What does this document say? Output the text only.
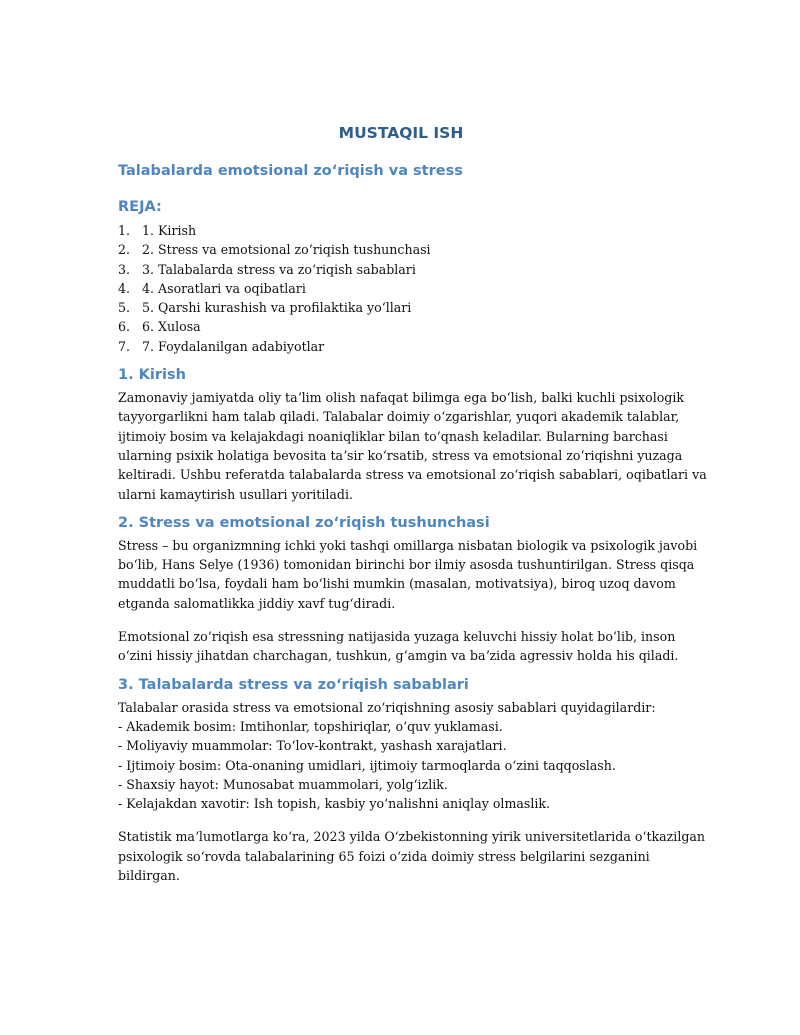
MUSTAQIL ISH
Talabalarda emotsional zoʻriqish va stress
REJA:
1. 1. Kirish
2. 2. Stress va emotsional zoʻriqish tushunchasi
3. 3. Talabalarda stress va zoʻriqish sabablari
4. 4. Asoratlari va oqibatlari
5. 5. Qarshi kurashish va profilaktika yoʻllari
6. 6. Xulosa
7. 7. Foydalanilgan adabiyotlar
1. Kirish
Zamonaviy jamiyatda oliy taʼlim olish nafaqat bilimga ega boʻlish, balki kuchli psixologik
tayyorgarlikni ham talab qiladi. Talabalar doimiy oʻzgarishlar, yuqori akademik talablar,
ijtimoiy bosim va kelajakdagi noaniqliklar bilan toʻqnash keladilar. Bularning barchasi
ularning psixik holatiga bevosita taʼsir koʻrsatib, stress va emotsional zoʻriqishni yuzaga
keltiradi. Ushbu referatda talabalarda stress va emotsional zoʻriqish sabablari, oqibatlari va
ularni kamaytirish usullari yoritiladi.
2. Stress va emotsional zoʻriqish tushunchasi
Stress – bu organizmning ichki yoki tashqi omillarga nisbatan biologik va psixologik javobi
boʻlib, Hans Selye (1936) tomonidan birinchi bor ilmiy asosda tushuntirilgan. Stress qisqa
muddatli boʻlsa, foydali ham boʻlishi mumkin (masalan, motivatsiya), biroq uzoq davom
etganda salomatlikka jiddiy xavf tugʻdiradi.
Emotsional zoʻriqish esa stressning natijasida yuzaga keluvchi hissiy holat boʻlib, inson
oʻzini hissiy jihatdan charchagan, tushkun, gʻamgin va baʼzida agressiv holda his qiladi.
3. Talabalarda stress va zoʻriqish sabablari
Talabalar orasida stress va emotsional zoʻriqishning asosiy sabablari quyidagilardir:
- Akademik bosim: Imtihonlar, topshiriqlar, oʻquv yuklamasi.
- Moliyaviy muammolar: Toʻlov-kontrakt, yashash xarajatlari.
- Ijtimoiy bosim: Ota-onaning umidlari, ijtimoiy tarmoqlarda oʻzini taqqoslash.
- Shaxsiy hayot: Munosabat muammolari, yolgʻizlik.
- Kelajakdan xavotir: Ish topish, kasbiy yoʻnalishni aniqlay olmaslik.
Statistik maʼlumotlarga koʻra, 2023 yilda Oʻzbekistonning yirik universitetlarida oʻtkazilgan
psixologik soʻrovda talabalarining 65 foizi oʻzida doimiy stress belgilarini sezganini
bildirgan.
